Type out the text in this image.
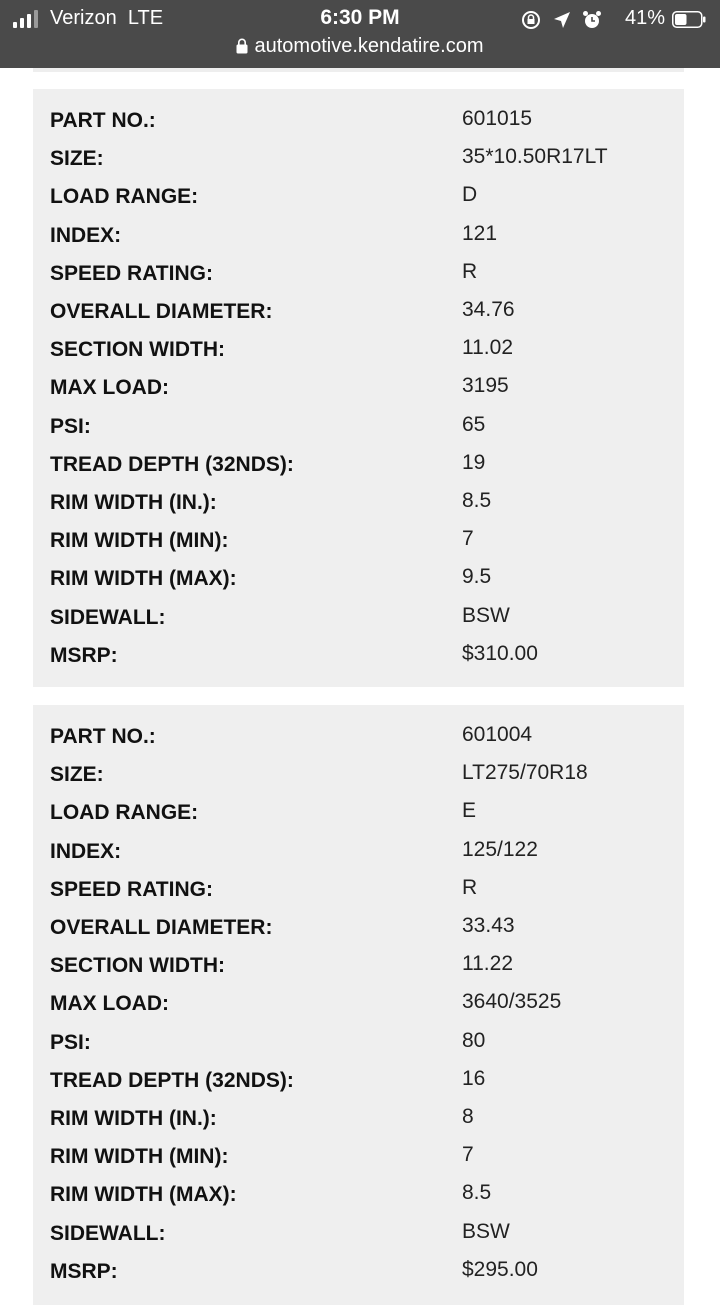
Verizon LTE	6:30 PM
	41%
automotive.kendatire.com
PART NO.:	601015
SIZE:	35*10.50R17LT
LOAD RANGE:	D
INDEX:	121
SPEED RATING:	R
OVERALL DIAMETER:	34.76
SECTION WIDTH:	11.02
MAX LOAD:	3195
PSI:	65
TREAD DEPTH (32NDS):	19
RIM WIDTH (IN.):	8.5
RIM WIDTH (MIN):	7
RIM WIDTH (MAX):	9.5
SIDEWALL:	BSW
MSRP:	$310.00
PART NO.:	601004
SIZE:	LT275/70R18
LOAD RANGE:	E
INDEX:	125/122
SPEED RATING:	R
OVERALL DIAMETER:	33.43
SECTION WIDTH:	11.22
MAX LOAD:	3640/3525
PSI:	80
TREAD DEPTH (32NDS):	16
RIM WIDTH (IN.):	8
RIM WIDTH (MIN):	7
RIM WIDTH (MAX):	8.5
SIDEWALL:	BSW
MSRP:	$295.00
